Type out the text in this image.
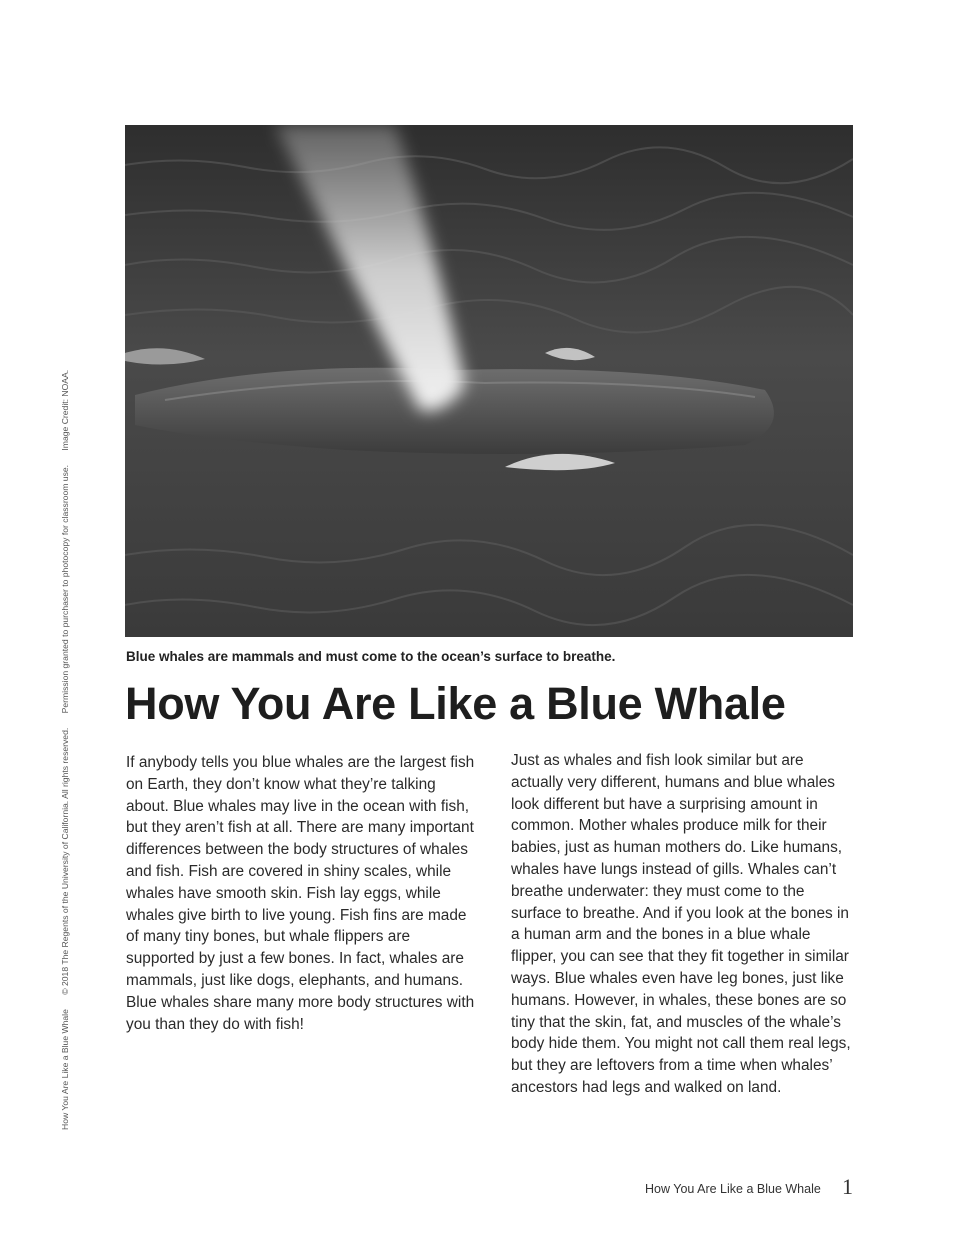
How You Are Like a Blue Whale © 2018 The Regents of the University of California. All rights reserved. Permission granted to purchaser to photocopy for classroom use. Image Credit: NOAA.
Blue whales are mammals and must come to the ocean’s surface to breathe.
How You Are Like a Blue Whale

If anybody tells you blue whales are the largest fish on Earth, they don’t know what they’re talking about. Blue whales may live in the ocean with fish, but they aren’t fish at all. There are many important differences between the body structures of whales and fish. Fish are covered in shiny scales, while whales have smooth skin. Fish lay eggs, while whales give birth to live young. Fish fins are made of many tiny bones, but whale flippers are supported by just a few bones. In fact, whales are mammals, just like dogs, elephants, and humans. Blue whales share many more body structures with you than they do with fish!

Just as whales and fish look similar but are actually very different, humans and blue whales look different but have a surprising amount in common. Mother whales produce milk for their babies, just as human mothers do. Like humans, whales have lungs instead of gills. Whales can’t breathe underwater: they must come to the surface to breathe. And if you look at the bones in a human arm and the bones in a blue whale flipper, you can see that they fit together in similar ways. Blue whales even have leg bones, just like humans. However, in whales, these bones are so tiny that the skin, fat, and muscles of the whale’s body hide them. You might not call them real legs, but they are leftovers from a time when whales’ ancestors had legs and walked on land.

How You Are Like a Blue Whale 1
